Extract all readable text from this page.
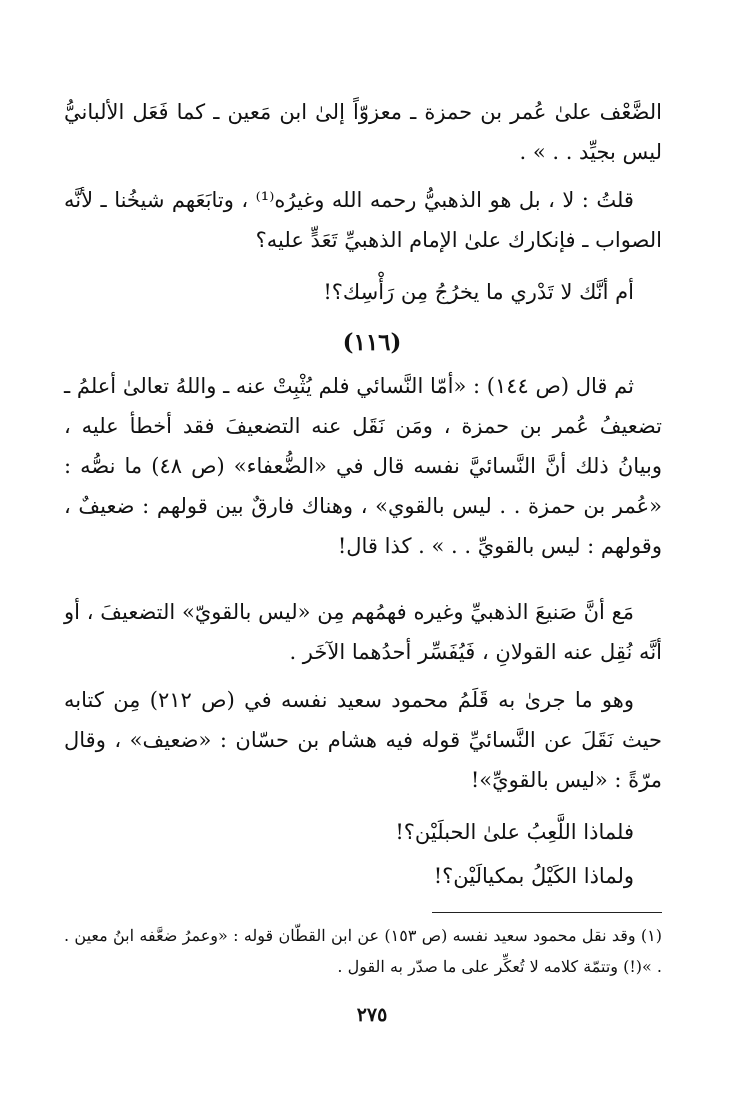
الضَّعْف علىٰ عُمر بن حمزة ـ معزوّاً إلىٰ ابن مَعين ـ كما فَعَل الألبانيُّ ليس بجيِّد . . » .

قلتُ : لا ، بل هو الذهبيُّ رحمه الله وغيرُه⁽¹⁾ ، وتابَعَهم شيخُنا ـ لأنَّه الصواب ـ فإنكارك علىٰ الإمام الذهبيِّ تَعَدٍّ عليه؟

أم أنَّك لا تَدْري ما يخرُجُ مِن رَأْسِك؟!

(١١٦)

ثم قال (ص ١٤٤) : «أمّا النَّسائي فلم يُثْبِتْ عنه ـ واللهُ تعالىٰ أعلمُ ـ تضعيفُ عُمر بن حمزة ، ومَن نَقَل عنه التضعيفَ فقد أخطأ عليه ، وبيانُ ذلك أنَّ النَّسائيَّ نفسه قال في «الضُّعفاء» (ص ٤٨) ما نصُّه : «عُمر بن حمزة . . ليس بالقوي» ، وهناك فارقٌ بين قولهم : ضعيفٌ ، وقولهم : ليس بالقويِّ . . » . كذا قال!

مَع أنَّ صَنيعَ الذهبيِّ وغيره فهمُهم مِن «ليس بالقويّ» التضعيفَ ، أو أنَّه نُقِل عنه القولانِ ، فَيُفَسِّر أحدُهما الآخَر .

وهو ما جرىٰ به قَلَمُ محمود سعيد نفسه في (ص ٢١٢) مِن كتابه حيث نَقَلَ عن النَّسائيِّ قوله فيه هشام بن حسّان : «ضعيف» ، وقال مرّةً : «ليس بالقويِّ»!

فلماذا اللَّعِبُ علىٰ الحبلَيْن؟!

ولماذا الكَيْلُ بمكيالَيْن؟!

(١) وقد نقل محمود سعيد نفسه (ص ١٥٣) عن ابن القطّان قوله : «وعمرُ ضعَّفه ابنُ معين . . »(!) وتتمّة كلامه لا تُعكِّر على ما صدّر به القول .

٢٧٥
